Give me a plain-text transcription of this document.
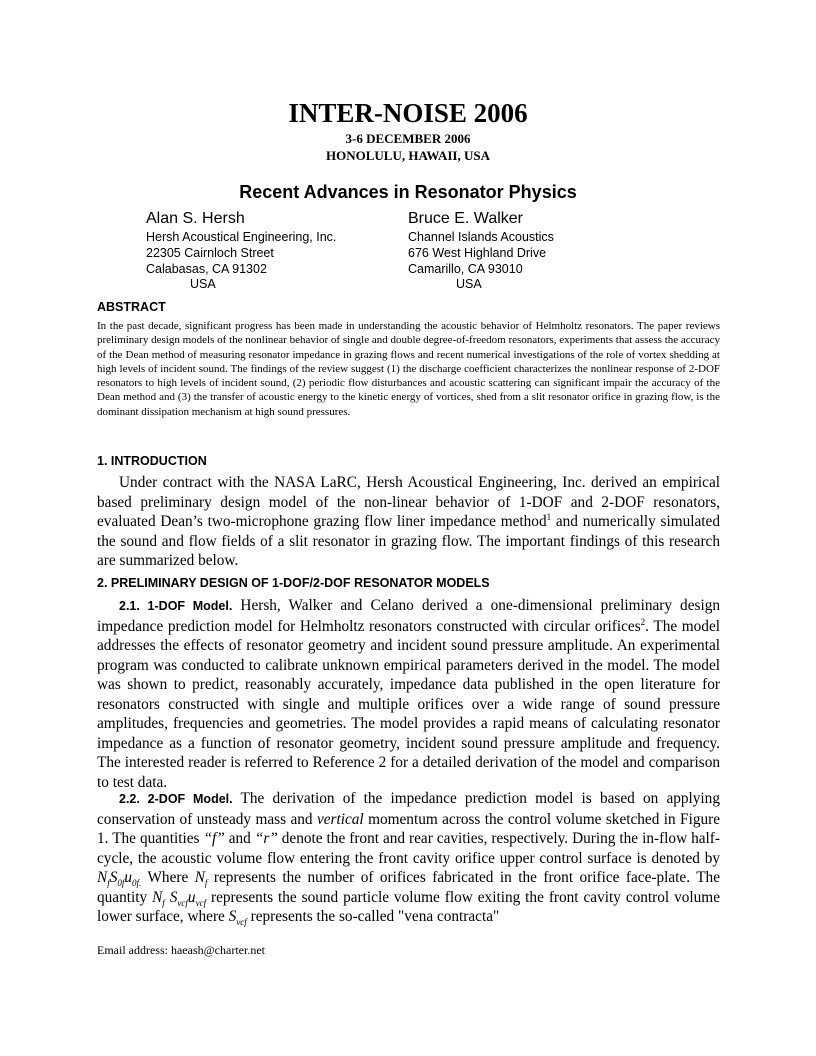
INTER-NOISE 2006
3-6 DECEMBER 2006
HONOLULU, HAWAII, USA
Recent Advances in Resonator Physics
Alan S. Hersh
Hersh Acoustical Engineering, Inc.
22305 Cairnloch Street
Calabasas, CA 91302
USA
Bruce E. Walker
Channel Islands Acoustics
676 West Highland Drive
Camarillo, CA 93010
USA
ABSTRACT
In the past decade, significant progress has been made in understanding the acoustic behavior of Helmholtz resonators. The paper reviews preliminary design models of the nonlinear behavior of single and double degree-of-freedom resonators, experiments that assess the accuracy of the Dean method of measuring resonator impedance in grazing flows and recent numerical investigations of the role of vortex shedding at high levels of incident sound. The findings of the review suggest (1) the discharge coefficient characterizes the nonlinear response of 2-DOF resonators to high levels of incident sound, (2) periodic flow disturbances and acoustic scattering can significant impair the accuracy of the Dean method and (3) the transfer of acoustic energy to the kinetic energy of vortices, shed from a slit resonator orifice in grazing flow, is the dominant dissipation mechanism at high sound pressures.
1. INTRODUCTION

Under contract with the NASA LaRC, Hersh Acoustical Engineering, Inc. derived an empirical based preliminary design model of the non-linear behavior of 1-DOF and 2-DOF resonators, evaluated Dean’s two-microphone grazing flow liner impedance method$^1$ and numerically simulated the sound and flow fields of a slit resonator in grazing flow. The important findings of this research are summarized below.

2. PRELIMINARY DESIGN OF 1-DOF/2-DOF RESONATOR MODELS

2.1. 1-DOF Model. Hersh, Walker and Celano derived a one-dimensional preliminary design impedance prediction model for Helmholtz resonators constructed with circular orifices$^2$. The model addresses the effects of resonator geometry and incident sound pressure amplitude. An experimental program was conducted to calibrate unknown empirical parameters derived in the model. The model was shown to predict, reasonably accurately, impedance data published in the open literature for resonators constructed with single and multiple orifices over a wide range of sound pressure amplitudes, frequencies and geometries. The model provides a rapid means of calculating resonator impedance as a function of resonator geometry, incident sound pressure amplitude and frequency. The interested reader is referred to Reference 2 for a detailed derivation of the model and comparison to test data.

2.2. 2-DOF Model. The derivation of the impedance prediction model is based on applying conservation of unsteady mass and vertical momentum across the control volume sketched in Figure 1. The quantities “f” and “r” denote the front and rear cavities, respectively. During the in-flow half-cycle, the acoustic volume flow entering the front cavity orifice upper control surface is denoted by $N_fS_{0f}u_{0f.}$ Where $N_f$ represents the number of orifices fabricated in the front orifice face-plate. The quantity $N_f$ $S_{vcf}u_{vcf}$ represents the sound particle volume flow exiting the front cavity control volume lower surface, where $S_{vcf}$ represents the so-called "vena contracta"

Email address: haeash@charter.net
